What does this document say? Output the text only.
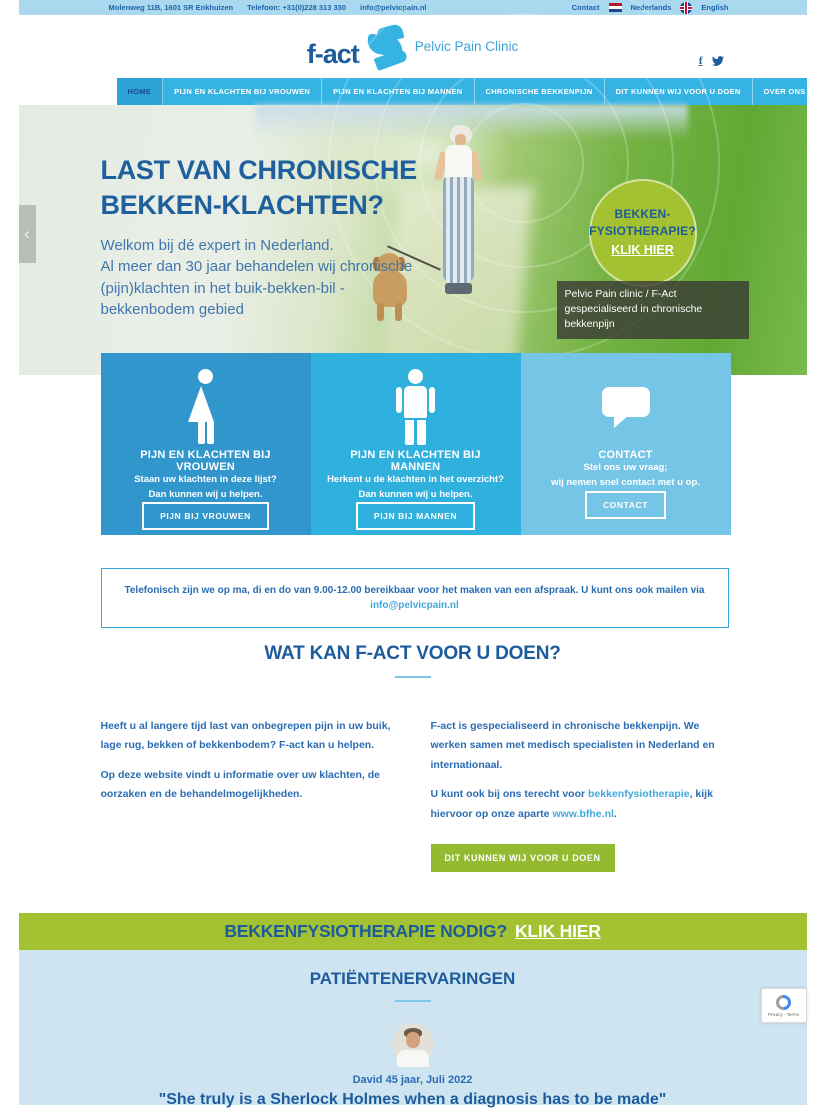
Molenweg 11B, 1601 SR Enkhuizen Telefoon: +31(0)228 313 330 info@pelvicpain.nl	Contact	Nederlands	English
f-act	Pelvic Pain Clinic
f
HOME	PIJN EN KLACHTEN BIJ VROUWEN	PIJN EN KLACHTEN BIJ MANNEN	CHRONISCHE BEKKENPIJN	DIT KUNNEN WIJ VOOR U DOEN	OVER ONS
LAST VAN CHRONISCHE
BEKKEN-KLACHTEN?
Welkom bij dé expert in Nederland.
Al meer dan 30 jaar behandelen wij chronische
(pijn)klachten in het buik-bekken-bil -
bekkenbodem gebied
BEKKEN-
FYSIOTHERAPIE?
KLIK HIER
Pelvic Pain clinic / F-Act gespecialiseerd in chronische bekkenpijn
‹
PIJN EN KLACHTEN BIJ VROUWEN
Staan uw klachten in deze lijst?
Dan kunnen wij u helpen.
PIJN BIJ VROUWEN
PIJN EN KLACHTEN BIJ MANNEN
Herkent u de klachten in het overzicht?
Dan kunnen wij u helpen.
PIJN BIJ MANNEN
CONTACT
Stel ons uw vraag;
wij nemen snel contact met u op.
CONTACT
Telefonisch zijn we op ma, di en do van 9.00-12.00 bereikbaar voor het maken van een afspraak. U kunt ons ook mailen via info@pelvicpain.nl
WAT KAN F-ACT VOOR U DOEN?

Heeft u al langere tijd last van onbegrepen pijn in uw buik, lage rug, bekken of bekkenbodem? F-act kan u helpen.

Op deze website vindt u informatie over uw klachten, de oorzaken en de behandelmogelijkheden.

F-act is gespecialiseerd in chronische bekkenpijn. We werken samen met medisch specialisten in Nederland en internationaal.

U kunt ook bij ons terecht voor bekkenfysiotherapie, kijk hiervoor op onze aparte www.bfhe.nl.

DIT KUNNEN WIJ VOOR U DOEN
BEKKENFYSIOTHERAPIE NODIG? KLIK HIER
PATIËNTENERVARINGEN
David 45 jaar, Juli 2022
"She truly is a Sherlock Holmes when a diagnosis has to be made"
Privacy - Terms
